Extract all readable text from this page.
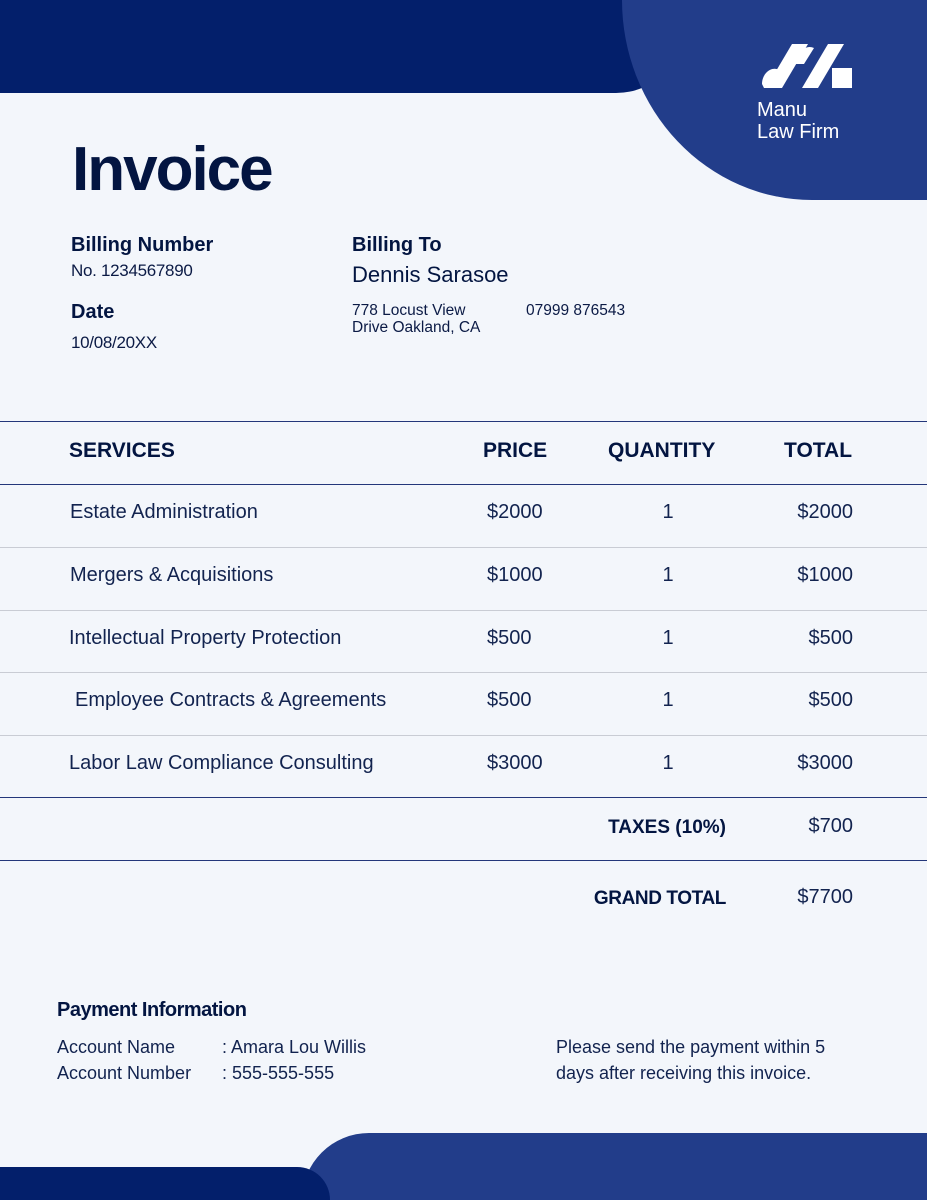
Manu
Law Firm
Invoice
Billing Number
No. 1234567890
Date
10/08/20XX
Billing To
Dennis Sarasoe
778 Locust View
Drive Oakland, CA
07999 876543
SERVICES	PRICE	QUANTITY	TOTAL
Estate Administration	$2000	1	$2000
Mergers & Acquisitions	$1000	1	$1000
Intellectual Property Protection	$500	1	$500
Employee Contracts & Agreements	$500	1	$500
Labor Law Compliance Consulting	$3000	1	$3000
TAXES (10%)	$700
GRAND TOTAL	$7700
Payment Information
Account Name	: Amara Lou Willis
Account Number : 555-555-555
Please send the payment within 5
days after receiving this invoice.
